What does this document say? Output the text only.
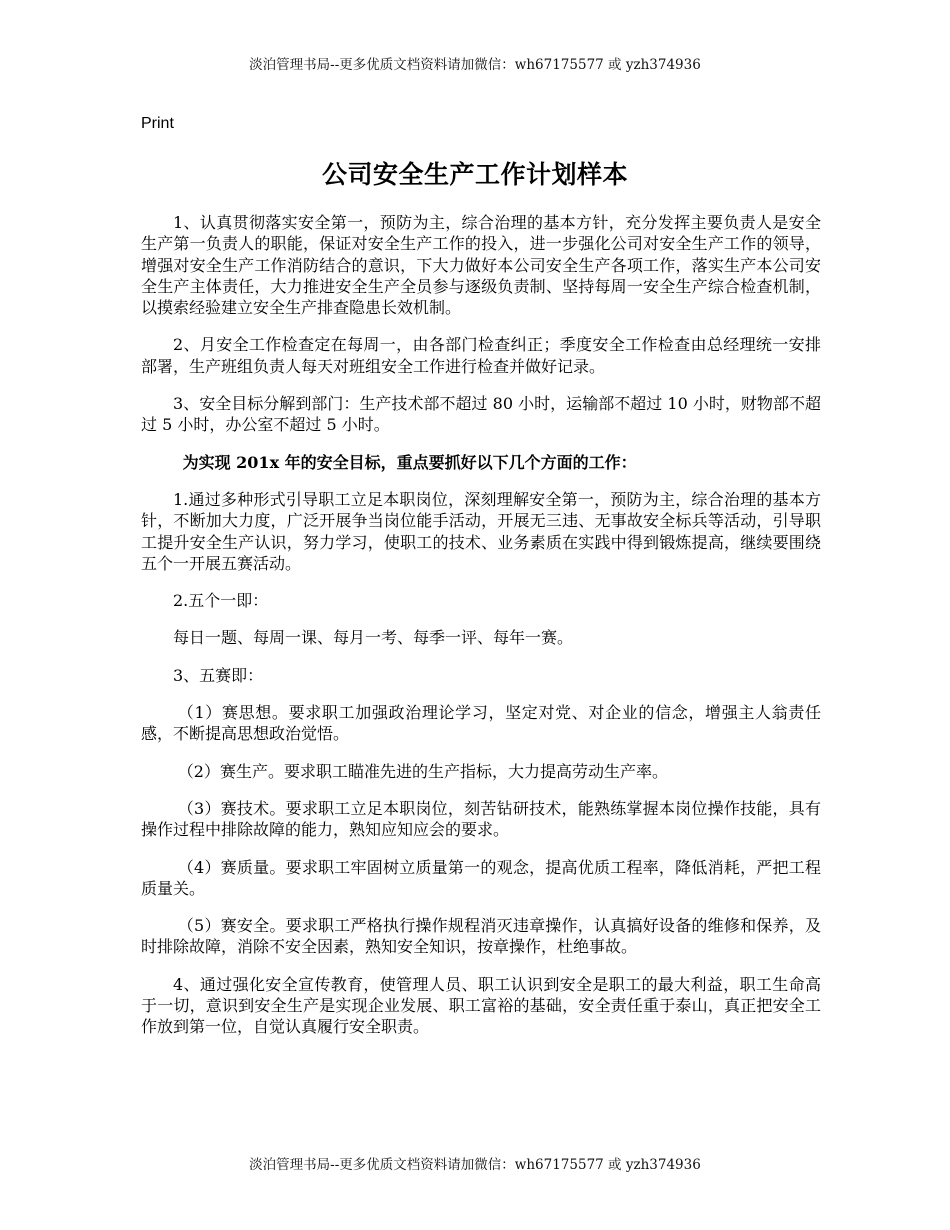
淡泊管理书局--更多优质文档资料请加微信：wh67175577 或 yzh374936
Print
公司安全生产工作计划样本

1、认真贯彻落实安全第一，预防为主，综合治理的基本方针，充分发挥主要负责人是安全生产第一负责人的职能，保证对安全生产工作的投入，进一步强化公司对安全生产工作的领导，增强对安全生产工作消防结合的意识，下大力做好本公司安全生产各项工作，落实生产本公司安全生产主体责任，大力推进安全生产全员参与逐级负责制、坚持每周一安全生产综合检查机制，以摸索经验建立安全生产排查隐患长效机制。

2、月安全工作检查定在每周一，由各部门检查纠正；季度安全工作检查由总经理统一安排部署，生产班组负责人每天对班组安全工作进行检查并做好记录。

3、安全目标分解到部门：生产技术部不超过 80 小时，运输部不超过 10 小时，财物部不超过 5 小时，办公室不超过 5 小时。

为实现 201x 年的安全目标，重点要抓好以下几个方面的工作：

1.通过多种形式引导职工立足本职岗位，深刻理解安全第一，预防为主，综合治理的基本方针，不断加大力度，广泛开展争当岗位能手活动，开展无三违、无事故安全标兵等活动，引导职工提升安全生产认识，努力学习，使职工的技术、业务素质在实践中得到锻炼提高，继续要围绕五个一开展五赛活动。

2.五个一即：

每日一题、每周一课、每月一考、每季一评、每年一赛。

3、五赛即：

（1）赛思想。要求职工加强政治理论学习，坚定对党、对企业的信念，增强主人翁责任感，不断提高思想政治觉悟。

（2）赛生产。要求职工瞄准先进的生产指标，大力提高劳动生产率。

（3）赛技术。要求职工立足本职岗位，刻苦钻研技术，能熟练掌握本岗位操作技能，具有操作过程中排除故障的能力，熟知应知应会的要求。

（4）赛质量。要求职工牢固树立质量第一的观念，提高优质工程率，降低消耗，严把工程质量关。

（5）赛安全。要求职工严格执行操作规程消灭违章操作，认真搞好设备的维修和保养，及时排除故障，消除不安全因素，熟知安全知识，按章操作，杜绝事故。

4、通过强化安全宣传教育，使管理人员、职工认识到安全是职工的最大利益，职工生命高于一切，意识到安全生产是实现企业发展、职工富裕的基础，安全责任重于泰山，真正把安全工作放到第一位，自觉认真履行安全职责。

淡泊管理书局--更多优质文档资料请加微信：wh67175577 或 yzh374936
